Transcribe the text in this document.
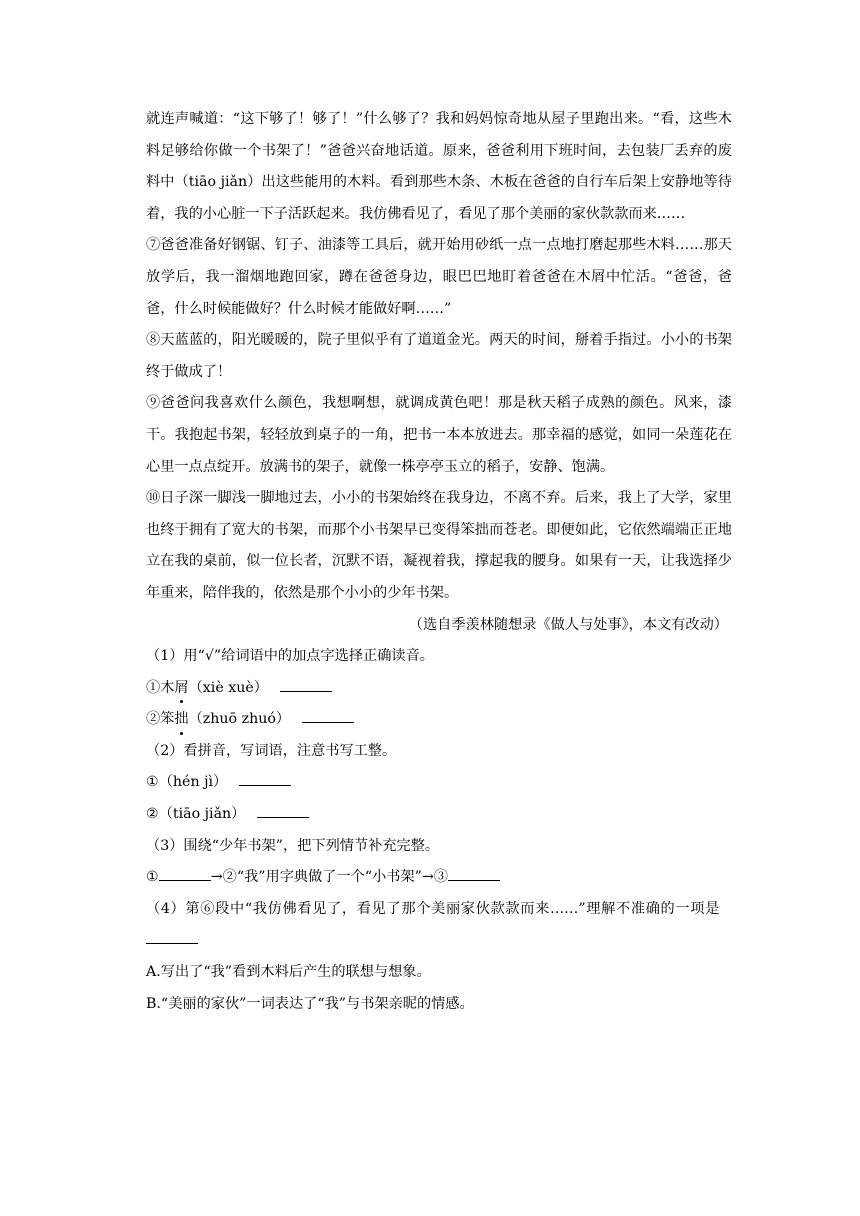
就连声喊道：“这下够了！够了！”什么够了？我和妈妈惊奇地从屋子里跑出来。“看，这些木料足够给你做一个书架了！”爸爸兴奋地话道。原来，爸爸利用下班时间，去包装厂丢弃的废料中（tiāo jiǎn）出这些能用的木料。看到那些木条、木板在爸爸的自行车后架上安静地等待着，我的小心脏一下子活跃起来。我仿佛看见了，看见了那个美丽的家伙款款而来……

⑦爸爸准备好钢锯、钉子、油漆等工具后，就开始用砂纸一点一点地打磨起那些木料……那天放学后，我一溜烟地跑回家，蹲在爸爸身边，眼巴巴地盯着爸爸在木屑中忙活。“爸爸，爸爸，什么时候能做好？什么时候才能做好啊……”

⑧天蓝蓝的，阳光暖暖的，院子里似乎有了道道金光。两天的时间，掰着手指过。小小的书架终于做成了！

⑨爸爸问我喜欢什么颜色，我想啊想，就调成黄色吧！那是秋天稻子成熟的颜色。风来，漆干。我抱起书架，轻轻放到桌子的一角，把书一本本放进去。那幸福的感觉，如同一朵莲花在心里一点点绽开。放满书的架子，就像一株亭亭玉立的稻子，安静、饱满。

⑩日子深一脚浅一脚地过去，小小的书架始终在我身边，不离不弃。后来，我上了大学，家里也终于拥有了宽大的书架，而那个小书架早已变得笨拙而苍老。即便如此，它依然端端正正地立在我的桌前，似一位长者，沉默不语，凝视着我，撑起我的腰身。如果有一天，让我选择少年重来，陪伴我的，依然是那个小小的少年书架。

（选自季羡林随想录《做人与处事》，本文有改动）

（1）用“√”给词语中的加点字选择正确读音。

①木屑（xiè xuè）

②笨拙（zhuō zhuó）

（2）看拼音，写词语，注意书写工整。

①（hén jì）

②（tiāo jiǎn）

（3）围绕“少年书架”，把下列情节补充完整。

①	→②“我”用字典做了一个“小书架”→③

（4）第⑥段中“我仿佛看见了，看见了那个美丽家伙款款而来……”理解不准确的一项是

A.写出了“我”看到木料后产生的联想与想象。

B.“美丽的家伙”一词表达了“我”与书架亲昵的情感。
